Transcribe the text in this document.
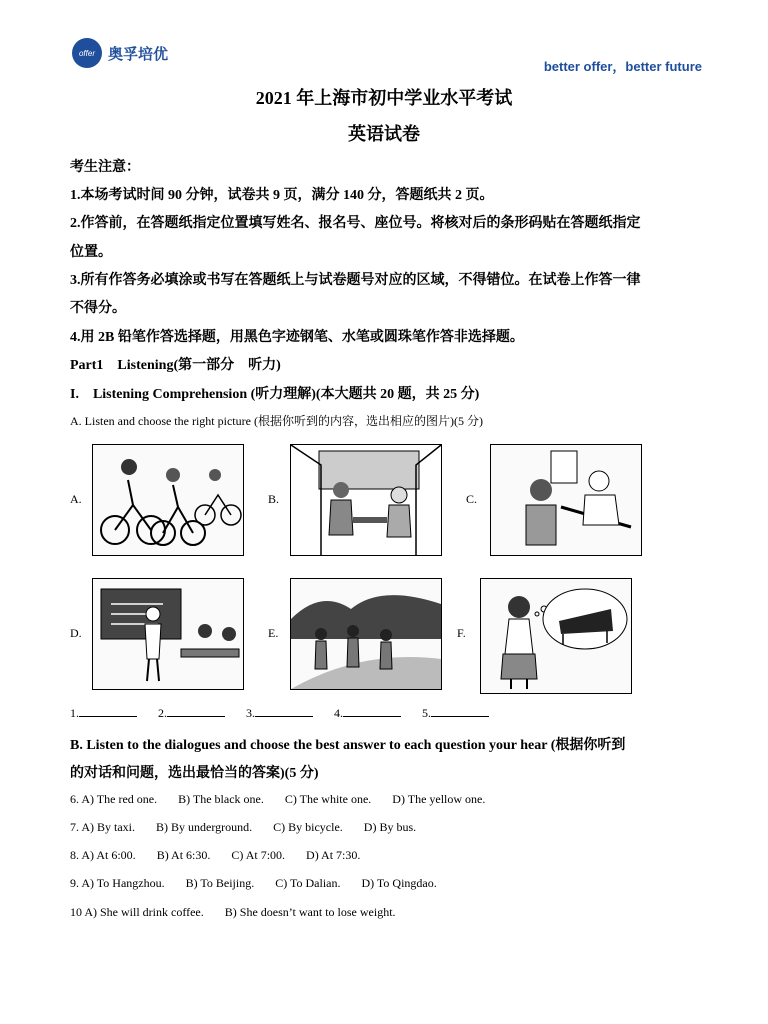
offer 奥孚培优
better offer，better future
2021 年上海市初中学业水平考试
英语试卷
考生注意：
1.本场考试时间 90 分钟，试卷共 9 页，满分 140 分，答题纸共 2 页。
2.作答前，在答题纸指定位置填写姓名、报名号、座位号。将核对后的条形码贴在答题纸指定
位置。
3.所有作答务必填涂或书写在答题纸上与试卷题号对应的区域，不得错位。在试卷上作答一律
不得分。
4.用 2B 铅笔作答选择题，用黑色字迹钢笔、水笔或圆珠笔作答非选择题。
Part1　Listening(第一部分　听力)
I.　Listening Comprehension (听力理解)(本大题共 20 题，共 25 分)
A. Listen and choose the right picture (根据你听到的内容，选出相应的图片)(5 分)
A.	B.	C.
D.	E.	F.
1.	2.	3.	4.	5.
B. Listen to the dialogues and choose the best answer to each question your hear (根据你听到
的对话和问题，选出最恰当的答案)(5 分)
6. A) The red one. B) The black one. C) The white one. D) The yellow one.
7. A) By taxi. B) By underground. C) By bicycle. D) By bus.
8. A) At 6:00. B) At 6:30. C) At 7:00. D) At 7:30.
9. A) To Hangzhou. B) To Beijing. C) To Dalian. D) To Qingdao.
10 A) She will drink coffee. B) She doesn’t want to lose weight.
